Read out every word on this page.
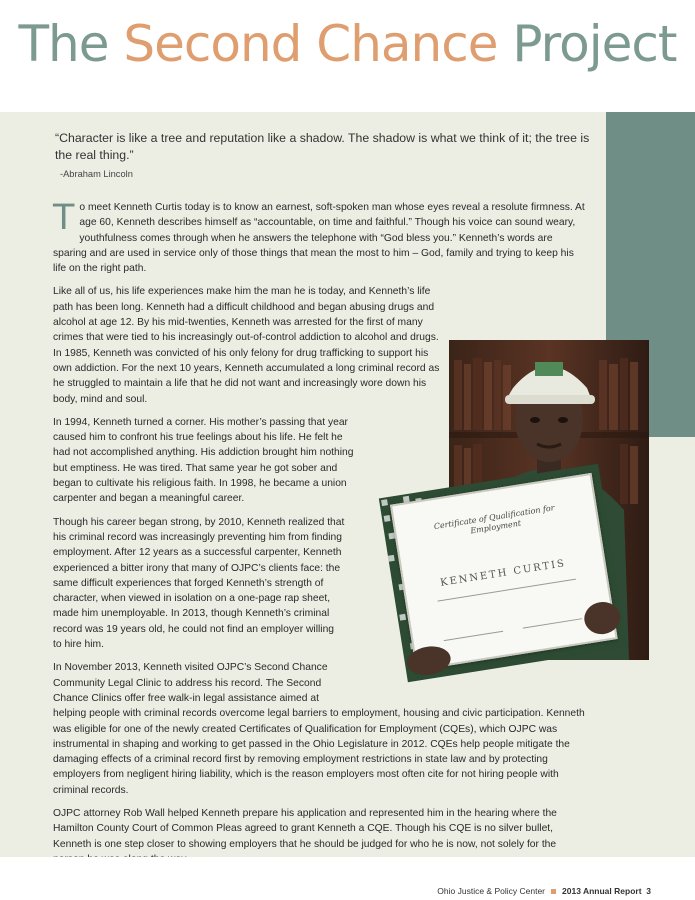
The Second Chance Project
“Character is like a tree and reputation like a shadow. The shadow is what we think of it; the tree is the real thing.”
-Abraham Lincoln

To meet Kenneth Curtis today is to know an earnest, soft-spoken man whose eyes reveal a resolute firmness. At age 60, Kenneth describes himself as “accountable, on time and faithful.” Though his voice can sound weary, youthfulness comes through when he answers the telephone with “God bless you.” Kenneth’s words are sparing and are used in service only of those things that mean the most to him – God, family and trying to keep his life on the right path.

Like all of us, his life experiences make him the man he is today, and Kenneth’s life path has been long. Kenneth had a difficult childhood and began abusing drugs and alcohol at age 12. By his mid-twenties, Kenneth was arrested for the first of many crimes that were tied to his increasingly out-of-control addiction to alcohol and drugs. In 1985, Kenneth was convicted of his only felony for drug trafficking to support his own addiction. For the next 10 years, Kenneth accumulated a long criminal record as he struggled to maintain a life that he did not want and increasingly wore down his body, mind and soul.

In 1994, Kenneth turned a corner. His mother’s passing that year caused him to confront his true feelings about his life. He felt he had not accomplished anything. His addiction brought him nothing but emptiness. He was tired. That same year he got sober and began to cultivate his religious faith. In 1998, he became a union carpenter and began a meaningful career.

Though his career began strong, by 2010, Kenneth realized that his criminal record was increasingly preventing him from finding employment. After 12 years as a successful carpenter, Kenneth experienced a bitter irony that many of OJPC’s clients face: the same difficult experiences that forged Kenneth’s strength of character, when viewed in isolation on a one-page rap sheet, made him unemployable. In 2013, though Kenneth’s criminal record was 19 years old, he could not find an employer willing to hire him.

In November 2013, Kenneth visited OJPC’s Second Chance Community Legal Clinic to address his record. The Second Chance Clinics offer free walk-in legal assistance aimed at helping people with criminal records overcome legal barriers to employment, housing and civic participation. Kenneth was eligible for one of the newly created Certificates of Qualification for Employment (CQEs), which OJPC was instrumental in shaping and working to get passed in the Ohio Legislature in 2012. CQEs help people mitigate the damaging effects of a criminal record first by removing employment restrictions in state law and by protecting employers from negligent hiring liability, which is the reason employers most often cite for not hiring people with criminal records.

OJPC attorney Rob Wall helped Kenneth prepare his application and represented him in the hearing where the Hamilton County Court of Common Pleas agreed to grant Kenneth a CQE. Though his CQE is no silver bullet, Kenneth is one step closer to showing employers that he should be judged for who he is now, not solely for the

Certificate of Qualification for Employment
KENNETH CURTIS
Ohio Justice & Policy Center 2013 Annual Report 3
